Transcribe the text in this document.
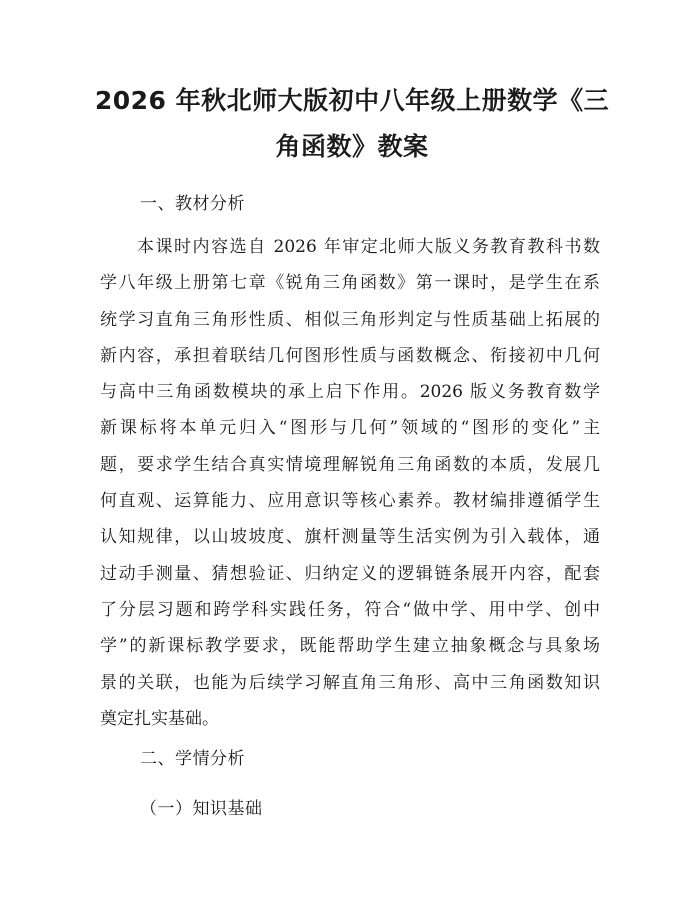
2026 年秋北师大版初中八年级上册数学《三
角函数》教案
一、教材分析
本课时内容选自 2026 年审定北师大版义务教育教科书数
学八年级上册第七章《锐角三角函数》第一课时，是学生在系
统学习直角三角形性质、相似三角形判定与性质基础上拓展的
新内容，承担着联结几何图形性质与函数概念、衔接初中几何
与高中三角函数模块的承上启下作用。2026 版义务教育数学
新课标将本单元归入“图形与几何”领域的“图形的变化”主
题，要求学生结合真实情境理解锐角三角函数的本质，发展几
何直观、运算能力、应用意识等核心素养。教材编排遵循学生
认知规律，以山坡坡度、旗杆测量等生活实例为引入载体，通
过动手测量、猜想验证、归纳定义的逻辑链条展开内容，配套
了分层习题和跨学科实践任务，符合“做中学、用中学、创中
学”的新课标教学要求，既能帮助学生建立抽象概念与具象场
景的关联，也能为后续学习解直角三角形、高中三角函数知识
奠定扎实基础。
二、学情分析
（一）知识基础
